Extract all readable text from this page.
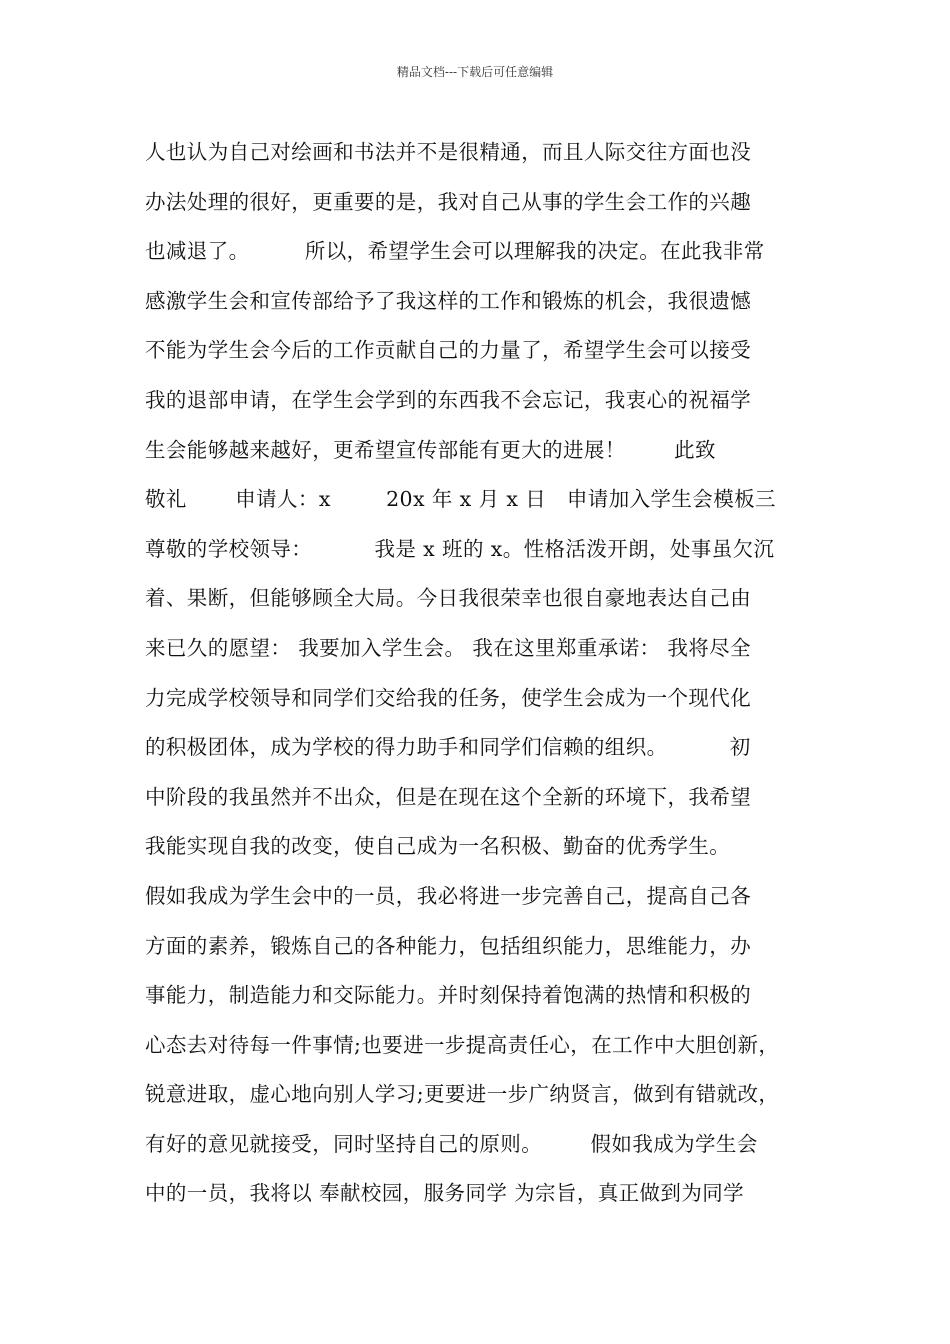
精品文档---下载后可任意编辑
人也认为自己对绘画和书法并不是很精通，而且人际交往方面也没
办法处理的很好，更重要的是，我对自己从事的学生会工作的兴趣
也减退了。        所以，希望学生会可以理解我的决定。在此我非常
感激学生会和宣传部给予了我这样的工作和锻炼的机会，我很遗憾
不能为学生会今后的工作贡献自己的力量了，希望学生会可以接受
我的退部申请，在学生会学到的东西我不会忘记，我衷心的祝福学
生会能够越来越好，更希望宣传部能有更大的进展！       此致
敬礼       申请人：x        20x 年 x 月 x 日   申请加入学生会模板三
尊敬的学校领导：         我是 x 班的 x。性格活泼开朗，处事虽欠沉
着、果断，但能够顾全大局。今日我很荣幸也很自豪地表达自己由
来已久的愿望： 我要加入学生会。 我在这里郑重承诺： 我将尽全
力完成学校领导和同学们交给我的任务，使学生会成为一个现代化
的积极团体，成为学校的得力助手和同学们信赖的组织。         初
中阶段的我虽然并不出众，但是在现在这个全新的环境下，我希望
我能实现自我的改变，使自己成为一名积极、勤奋的优秀学生。
假如我成为学生会中的一员，我必将进一步完善自己，提高自己各
方面的素养，锻炼自己的各种能力，包括组织能力，思维能力，办
事能力，制造能力和交际能力。并时刻保持着饱满的热情和积极的
心态去对待每一件事情;也要进一步提高责任心，在工作中大胆创新，
锐意进取，虚心地向别人学习;更要进一步广纳贤言，做到有错就改，
有好的意见就接受，同时坚持自己的原则。       假如我成为学生会
中的一员，我将以 奉献校园，服务同学 为宗旨，真正做到为同学
